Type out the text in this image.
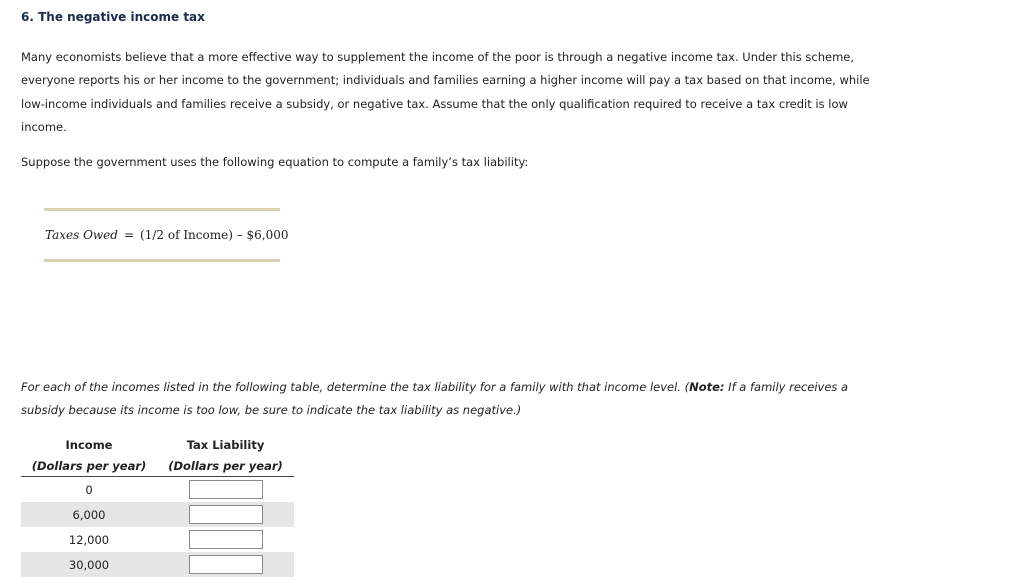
6. The negative income tax
Many economists believe that a more effective way to supplement the income of the poor is through a negative income tax. Under this scheme,
everyone reports his or her income to the government; individuals and families earning a higher income will pay a tax based on that income, while
low-income individuals and families receive a subsidy, or negative tax. Assume that the only qualification required to receive a tax credit is low
income.
Suppose the government uses the following equation to compute a family’s tax liability:
Taxes Owed = (1/2 of Income) – $6,000
For each of the incomes listed in the following table, determine the tax liability for a family with that income level. (Note: If a family receives a
subsidy because its income is too low, be sure to indicate the tax liability as negative.)
Income	Tax Liability
(Dollars per year)	(Dollars per year)
0	
6,000	
12,000	
30,000	
